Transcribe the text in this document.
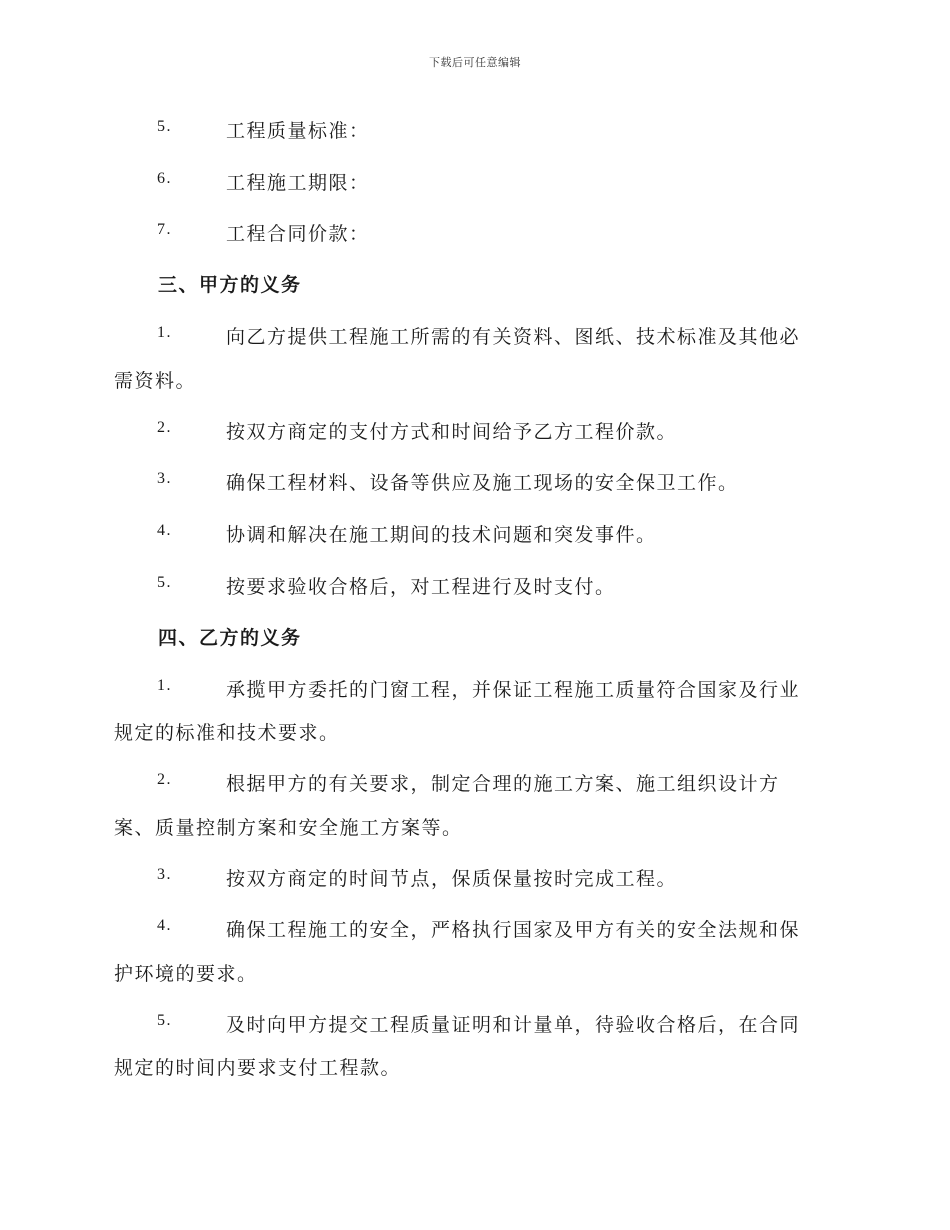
下载后可任意编辑
5.	工程质量标准：
6.	工程施工期限：
7.	工程合同价款：
三、甲方的义务
1.	向乙方提供工程施工所需的有关资料、图纸、技术标准及其他必
需资料。
2.	按双方商定的支付方式和时间给予乙方工程价款。
3.	确保工程材料、设备等供应及施工现场的安全保卫工作。
4.	协调和解决在施工期间的技术问题和突发事件。
5.	按要求验收合格后，对工程进行及时支付。
四、乙方的义务
1.	承揽甲方委托的门窗工程，并保证工程施工质量符合国家及行业
规定的标准和技术要求。
2.	根据甲方的有关要求，制定合理的施工方案、施工组织设计方
案、质量控制方案和安全施工方案等。
3.	按双方商定的时间节点，保质保量按时完成工程。
4.	确保工程施工的安全，严格执行国家及甲方有关的安全法规和保
护环境的要求。
5.	及时向甲方提交工程质量证明和计量单，待验收合格后，在合同
规定的时间内要求支付工程款。
